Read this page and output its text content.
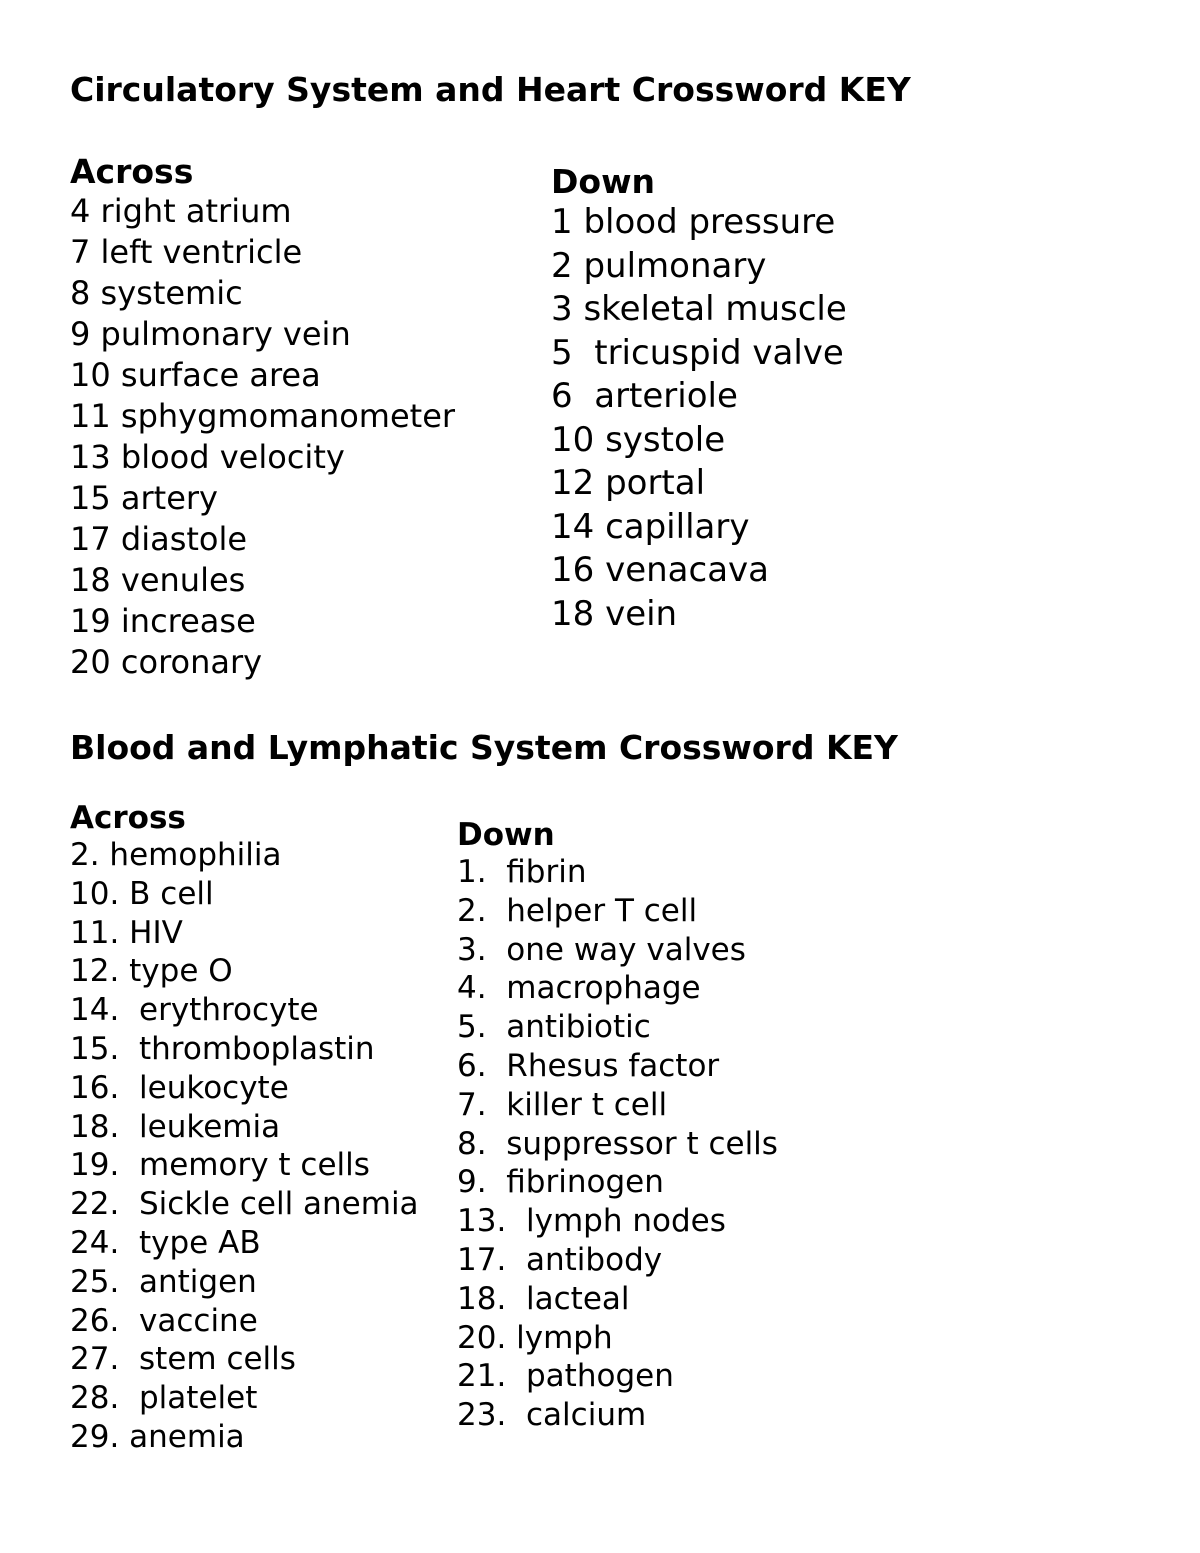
Circulatory System and Heart Crossword KEY
Across
4 right atrium
7 left ventricle
8 systemic
9 pulmonary vein
10 surface area
11 sphygmomanometer
13 blood velocity
15 artery
17 diastole
18 venules
19 increase
20 coronary
Down
1 blood pressure
2 pulmonary
3 skeletal muscle
5  tricuspid valve
6  arteriole
10 systole
12 portal
14 capillary
16 venacava
18 vein
Blood and Lymphatic System Crossword KEY
Across
2. hemophilia
10. B cell
11. HIV
12. type O
14.  erythrocyte
15.  thromboplastin
16.  leukocyte
18.  leukemia
19.  memory t cells
22.  Sickle cell anemia
24.  type AB
25.  antigen
26.  vaccine
27.  stem cells
28.  platelet
29. anemia
Down
1.  fibrin
2.  helper T cell
3.  one way valves
4.  macrophage
5.  antibiotic
6.  Rhesus factor
7.  killer t cell
8.  suppressor t cells
9.  fibrinogen
13.  lymph nodes
17.  antibody
18.  lacteal
20. lymph
21.  pathogen
23.  calcium
